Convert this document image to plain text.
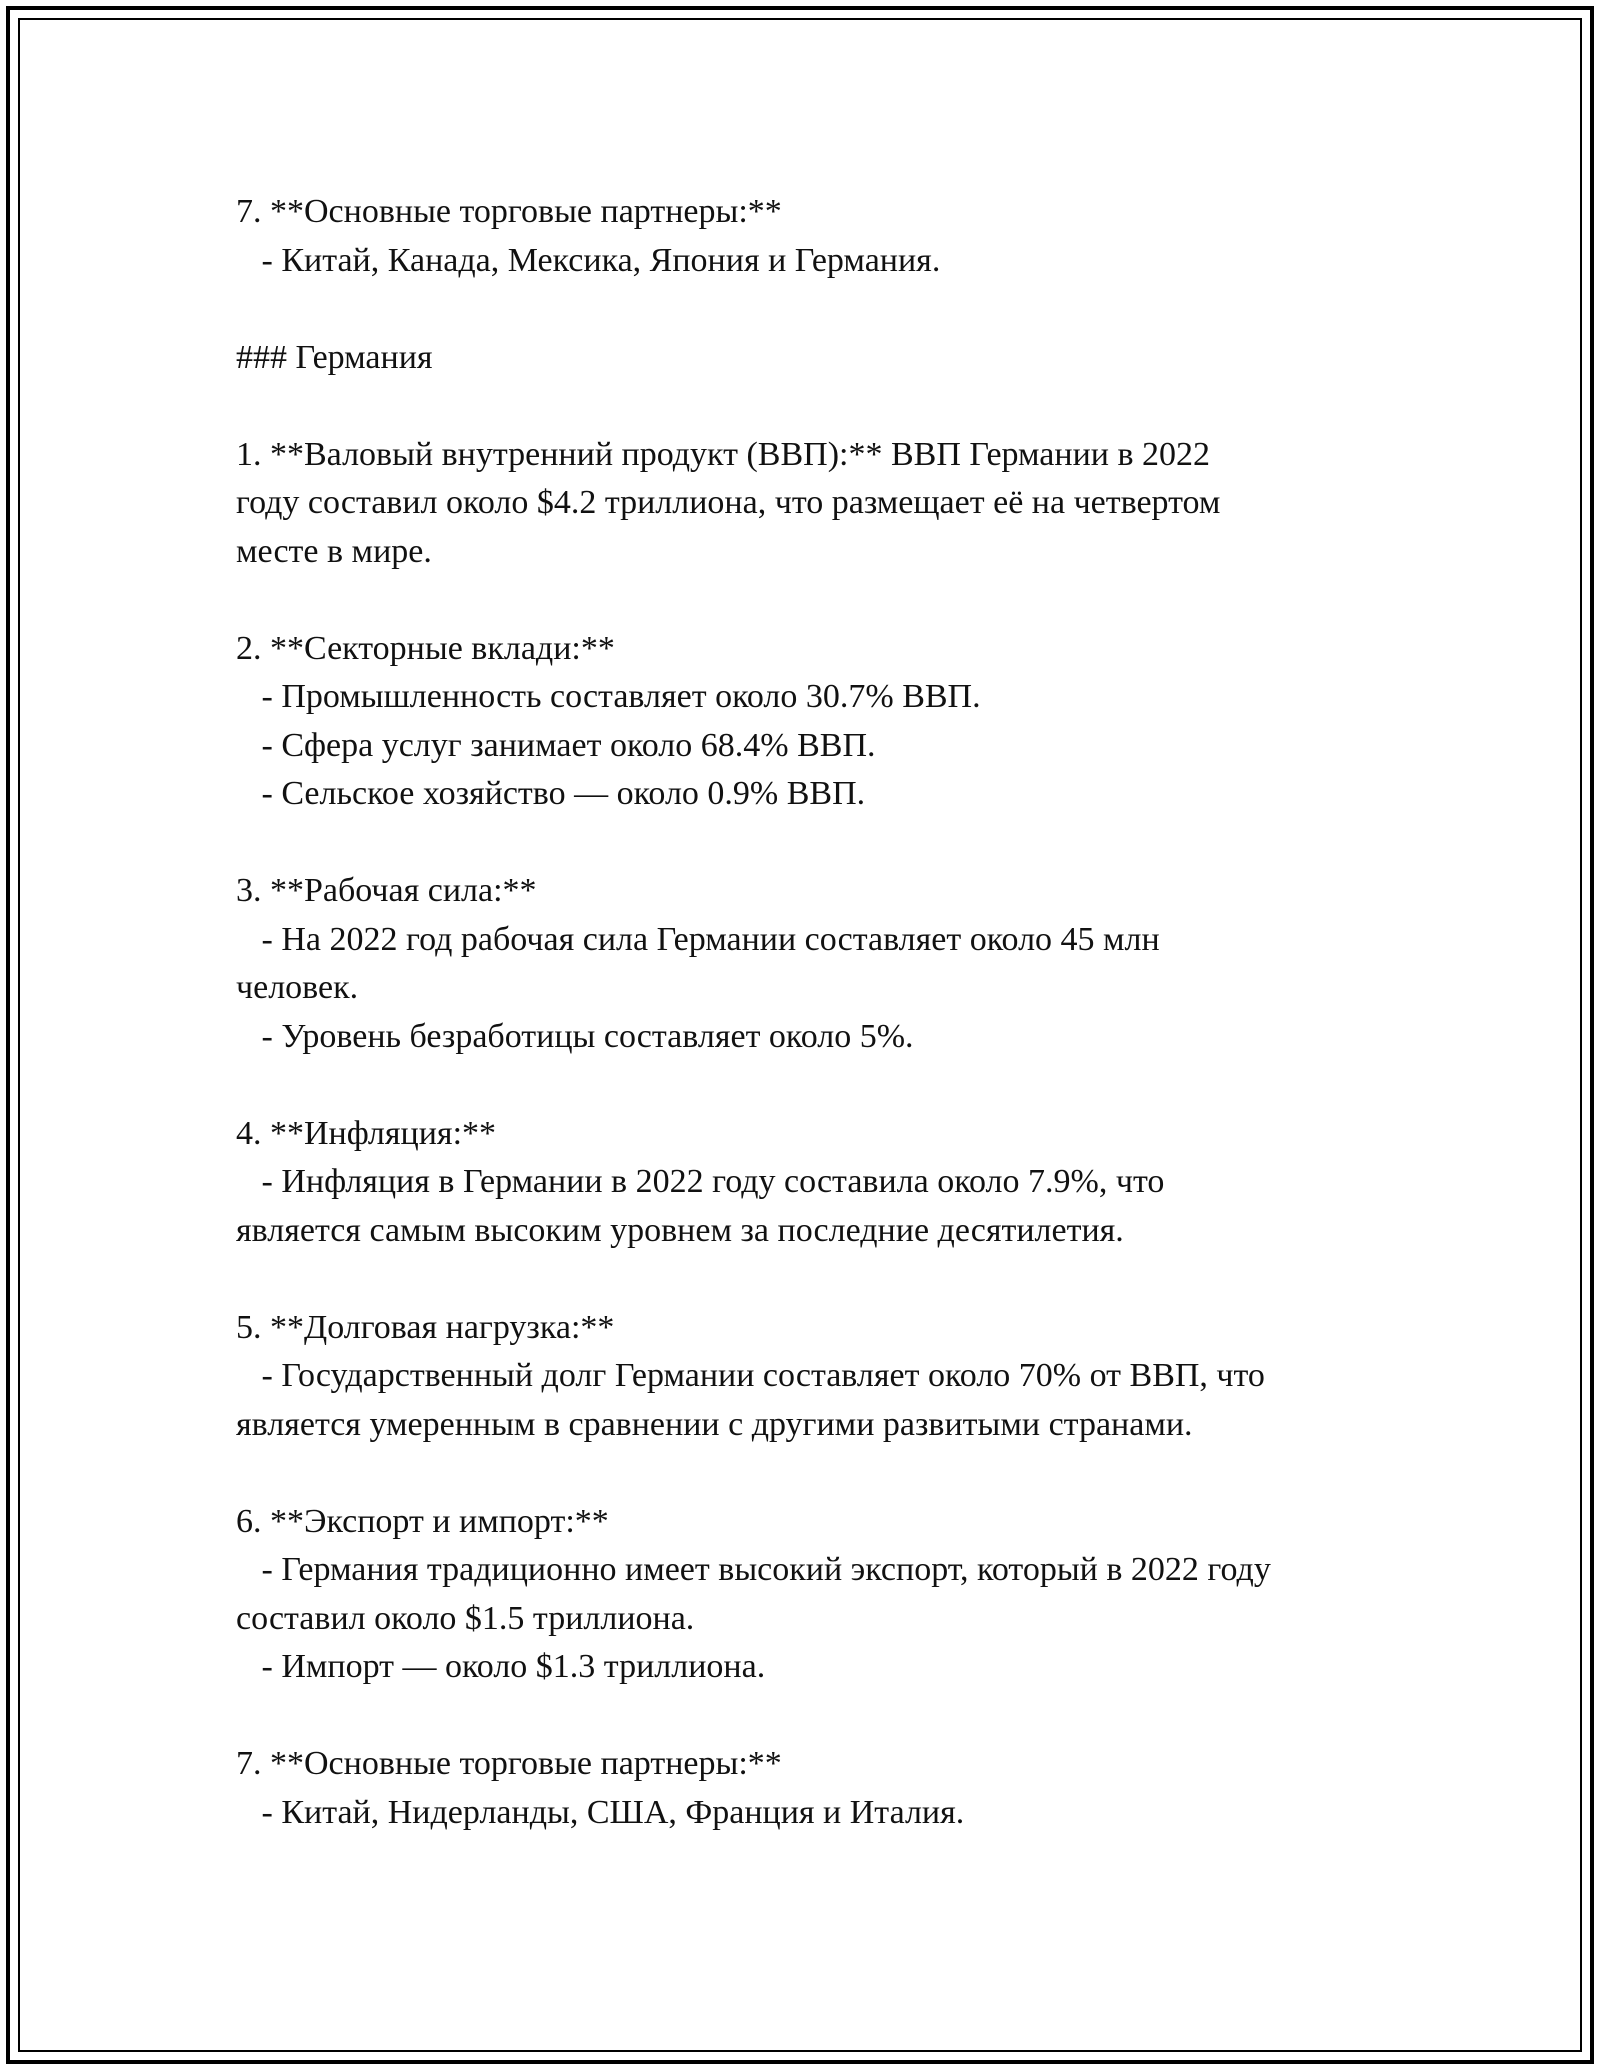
7. **Основные торговые партнеры:**
- Китай, Канада, Мексика, Япония и Германия.
### Германия
1. **Валовый внутренний продукт (ВВП):** ВВП Германии в 2022
году составил около $4.2 триллиона, что размещает её на четвертом
месте в мире.
2. **Секторные вклади:**
- Промышленность составляет около 30.7% ВВП.
- Сфера услуг занимает около 68.4% ВВП.
- Сельское хозяйство — около 0.9% ВВП.
3. **Рабочая сила:**
- На 2022 год рабочая сила Германии составляет около 45 млн
человек.
- Уровень безработицы составляет около 5%.
4. **Инфляция:**
- Инфляция в Германии в 2022 году составила около 7.9%, что
является самым высоким уровнем за последние десятилетия.
5. **Долговая нагрузка:**
- Государственный долг Германии составляет около 70% от ВВП, что
является умеренным в сравнении с другими развитыми странами.
6. **Экспорт и импорт:**
- Германия традиционно имеет высокий экспорт, который в 2022 году
составил около $1.5 триллиона.
- Импорт — около $1.3 триллиона.
7. **Основные торговые партнеры:**
- Китай, Нидерланды, США, Франция и Италия.
